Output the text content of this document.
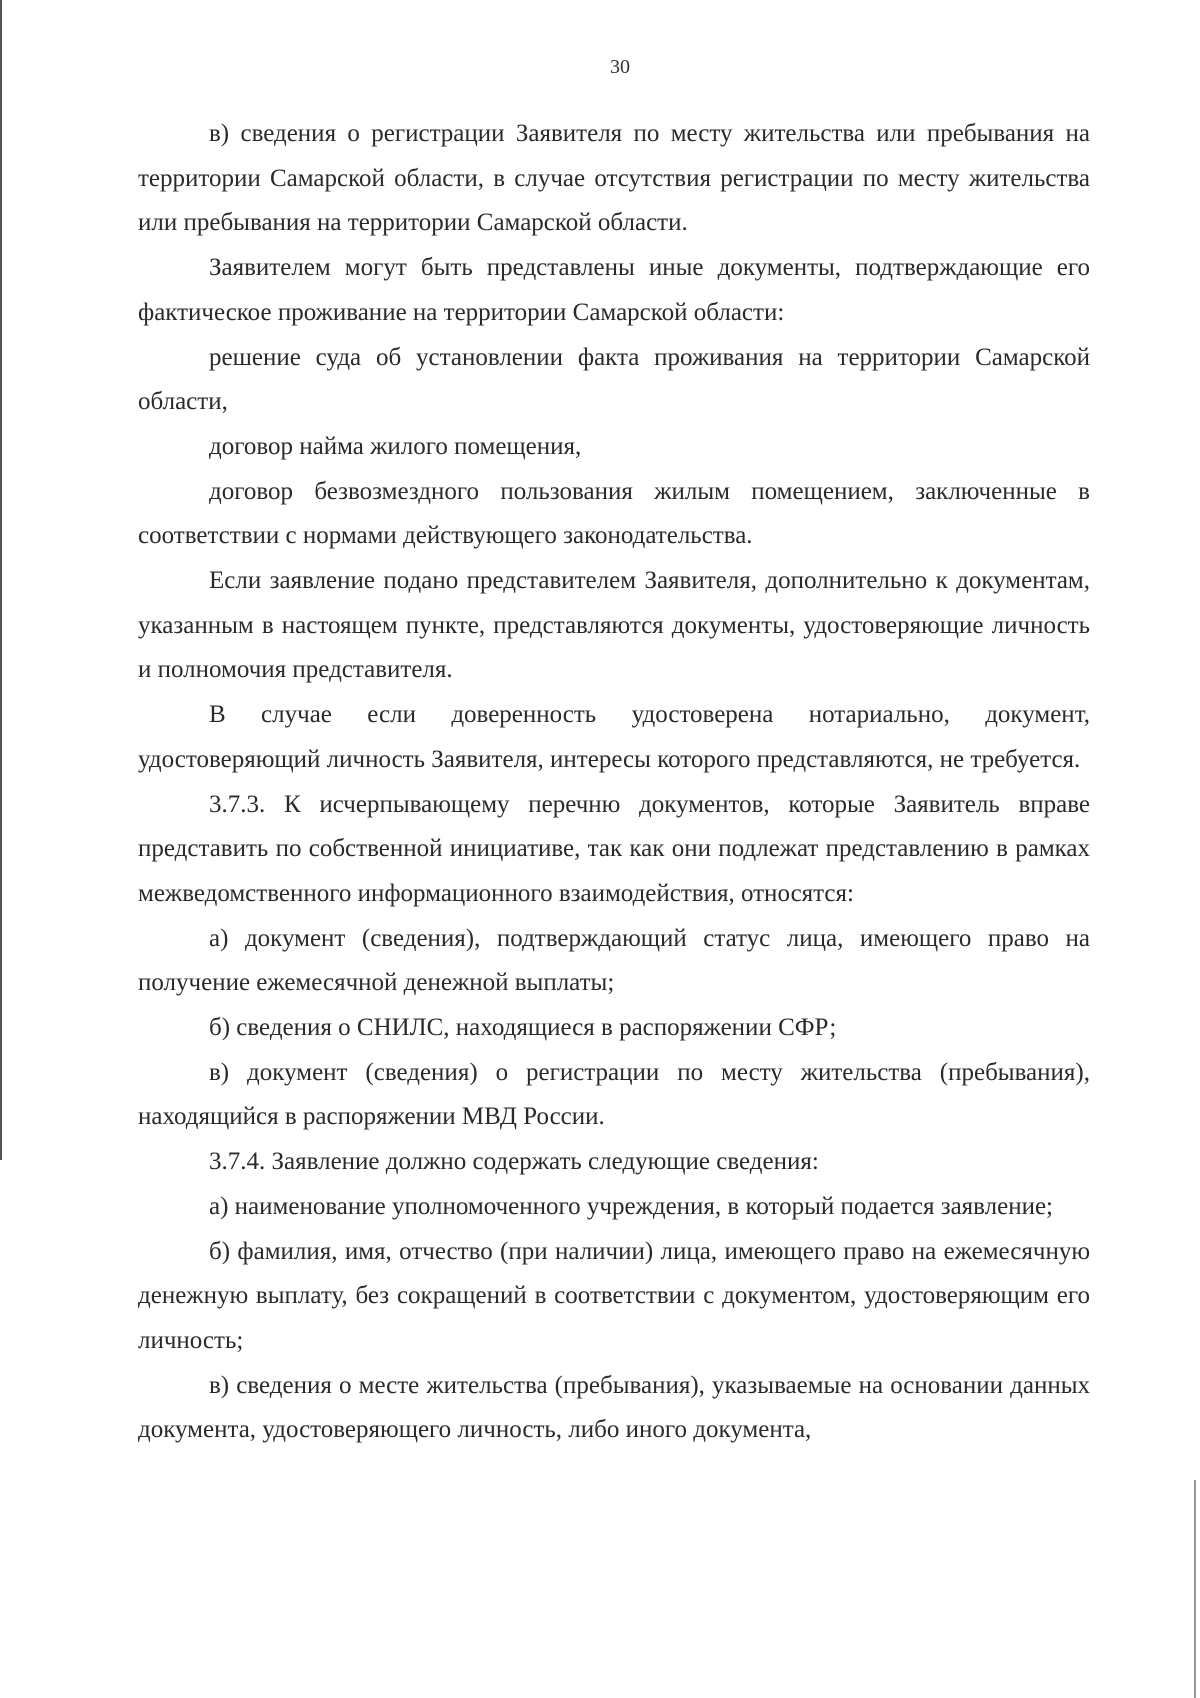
30

в) сведения о регистрации Заявителя по месту жительства или пребывания на территории Самарской области, в случае отсутствия регистрации по месту жительства или пребывания на территории Самарской области.

Заявителем могут быть представлены иные документы, подтверждающие его фактическое проживание на территории Самарской области:

решение суда об установлении факта проживания на территории Самарской области,

договор найма жилого помещения,

договор безвозмездного пользования жилым помещением, заключенные в соответствии с нормами действующего законодательства.

Если заявление подано представителем Заявителя, дополнительно к документам, указанным в настоящем пункте, представляются документы, удостоверяющие личность и полномочия представителя.

В случае если доверенность удостоверена нотариально, документ, удостоверяющий личность Заявителя, интересы которого представляются, не требуется.

3.7.3. К исчерпывающему перечню документов, которые Заявитель вправе представить по собственной инициативе, так как они подлежат представлению в рамках межведомственного информационного взаимодействия, относятся:

а) документ (сведения), подтверждающий статус лица, имеющего право на получение ежемесячной денежной выплаты;

б) сведения о СНИЛС, находящиеся в распоряжении СФР;

в) документ (сведения) о регистрации по месту жительства (пребывания), находящийся в распоряжении МВД России.

3.7.4. Заявление должно содержать следующие сведения:

а) наименование уполномоченного учреждения, в который подается заявление;

б) фамилия, имя, отчество (при наличии) лица, имеющего право на ежемесячную денежную выплату, без сокращений в соответствии с документом, удостоверяющим его личность;

в) сведения о месте жительства (пребывания), указываемые на основании данных документа, удостоверяющего личность, либо иного документа,
